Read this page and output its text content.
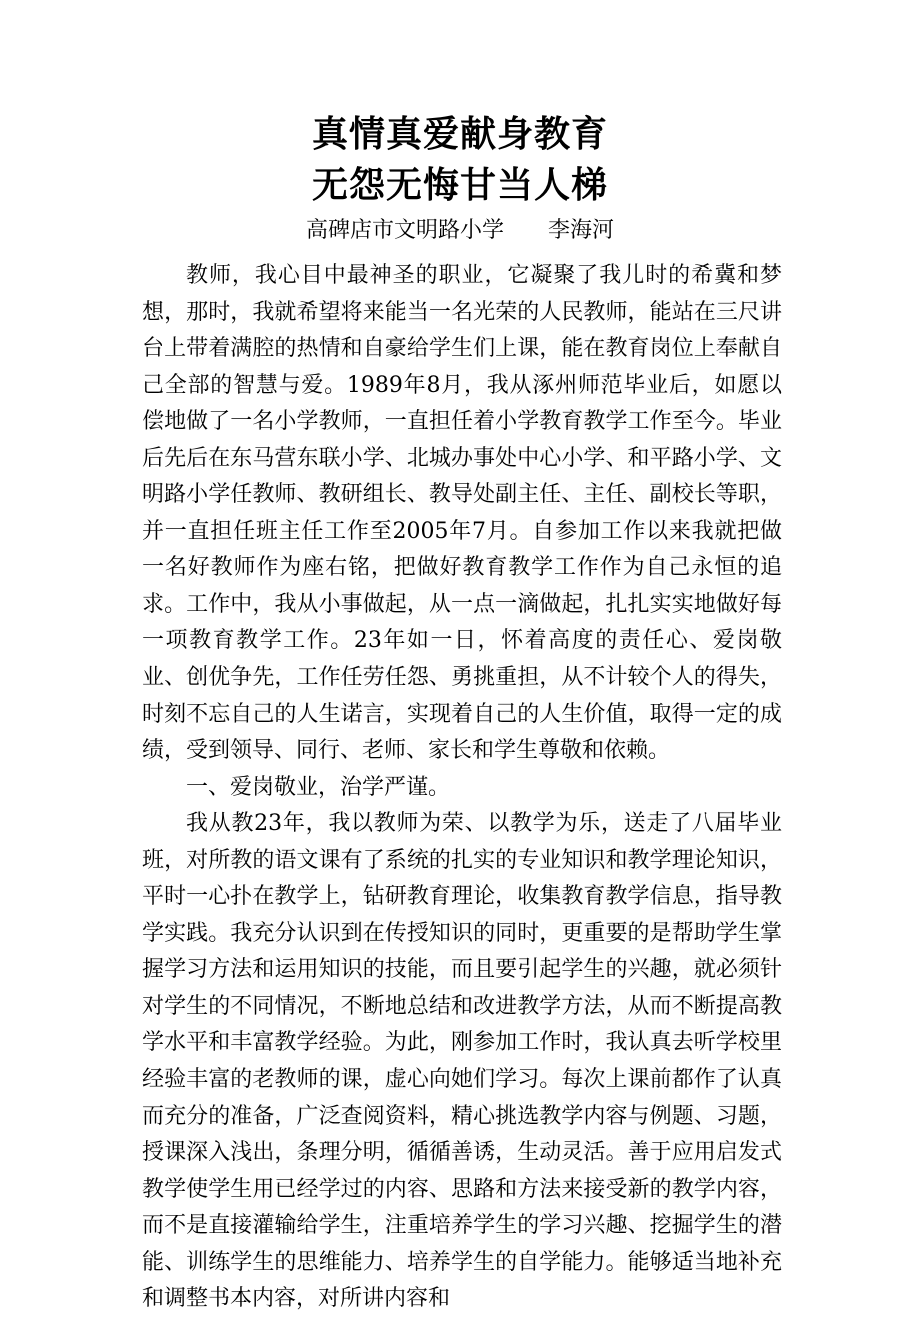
真情真爱献身教育
无怨无悔甘当人梯
高碑店市文明路小学 李海河

教师，我心目中最神圣的职业，它凝聚了我儿时的希冀和梦想，那时，我就希望将来能当一名光荣的人民教师，能站在三尺讲台上带着满腔的热情和自豪给学生们上课，能在教育岗位上奉献自己全部的智慧与爱。1989年8月，我从涿州师范毕业后，如愿以偿地做了一名小学教师，一直担任着小学教育教学工作至今。毕业后先后在东马营东联小学、北城办事处中心小学、和平路小学、文明路小学任教师、教研组长、教导处副主任、主任、副校长等职，并一直担任班主任工作至2005年7月。自参加工作以来我就把做一名好教师作为座右铭，把做好教育教学工作作为自己永恒的追求。工作中，我从小事做起，从一点一滴做起，扎扎实实地做好每一项教育教学工作。23年如一日，怀着高度的责任心、爱岗敬业、创优争先，工作任劳任怨、勇挑重担，从不计较个人的得失，时刻不忘自己的人生诺言，实现着自己的人生价值，取得一定的成绩，受到领导、同行、老师、家长和学生尊敬和依赖。

一、爱岗敬业，治学严谨。

我从教23年，我以教师为荣、以教学为乐，送走了八届毕业班，对所教的语文课有了系统的扎实的专业知识和教学理论知识，平时一心扑在教学上，钻研教育理论，收集教育教学信息，指导教学实践。我充分认识到在传授知识的同时，更重要的是帮助学生掌握学习方法和运用知识的技能，而且要引起学生的兴趣，就必须针对学生的不同情况，不断地总结和改进教学方法，从而不断提高教学水平和丰富教学经验。为此，刚参加工作时，我认真去听学校里经验丰富的老教师的课，虚心向她们学习。每次上课前都作了认真而充分的准备，广泛查阅资料，精心挑选教学内容与例题、习题，授课深入浅出，条理分明，循循善诱，生动灵活。善于应用启发式教学使学生用已经学过的内容、思路和方法来接受新的教学内容，而不是直接灌输给学生，注重培养学生的学习兴趣、挖掘学生的潜能、训练学生的思维能力、培养学生的自学能力。能够适当地补充和调整书本内容，对所讲内容和
